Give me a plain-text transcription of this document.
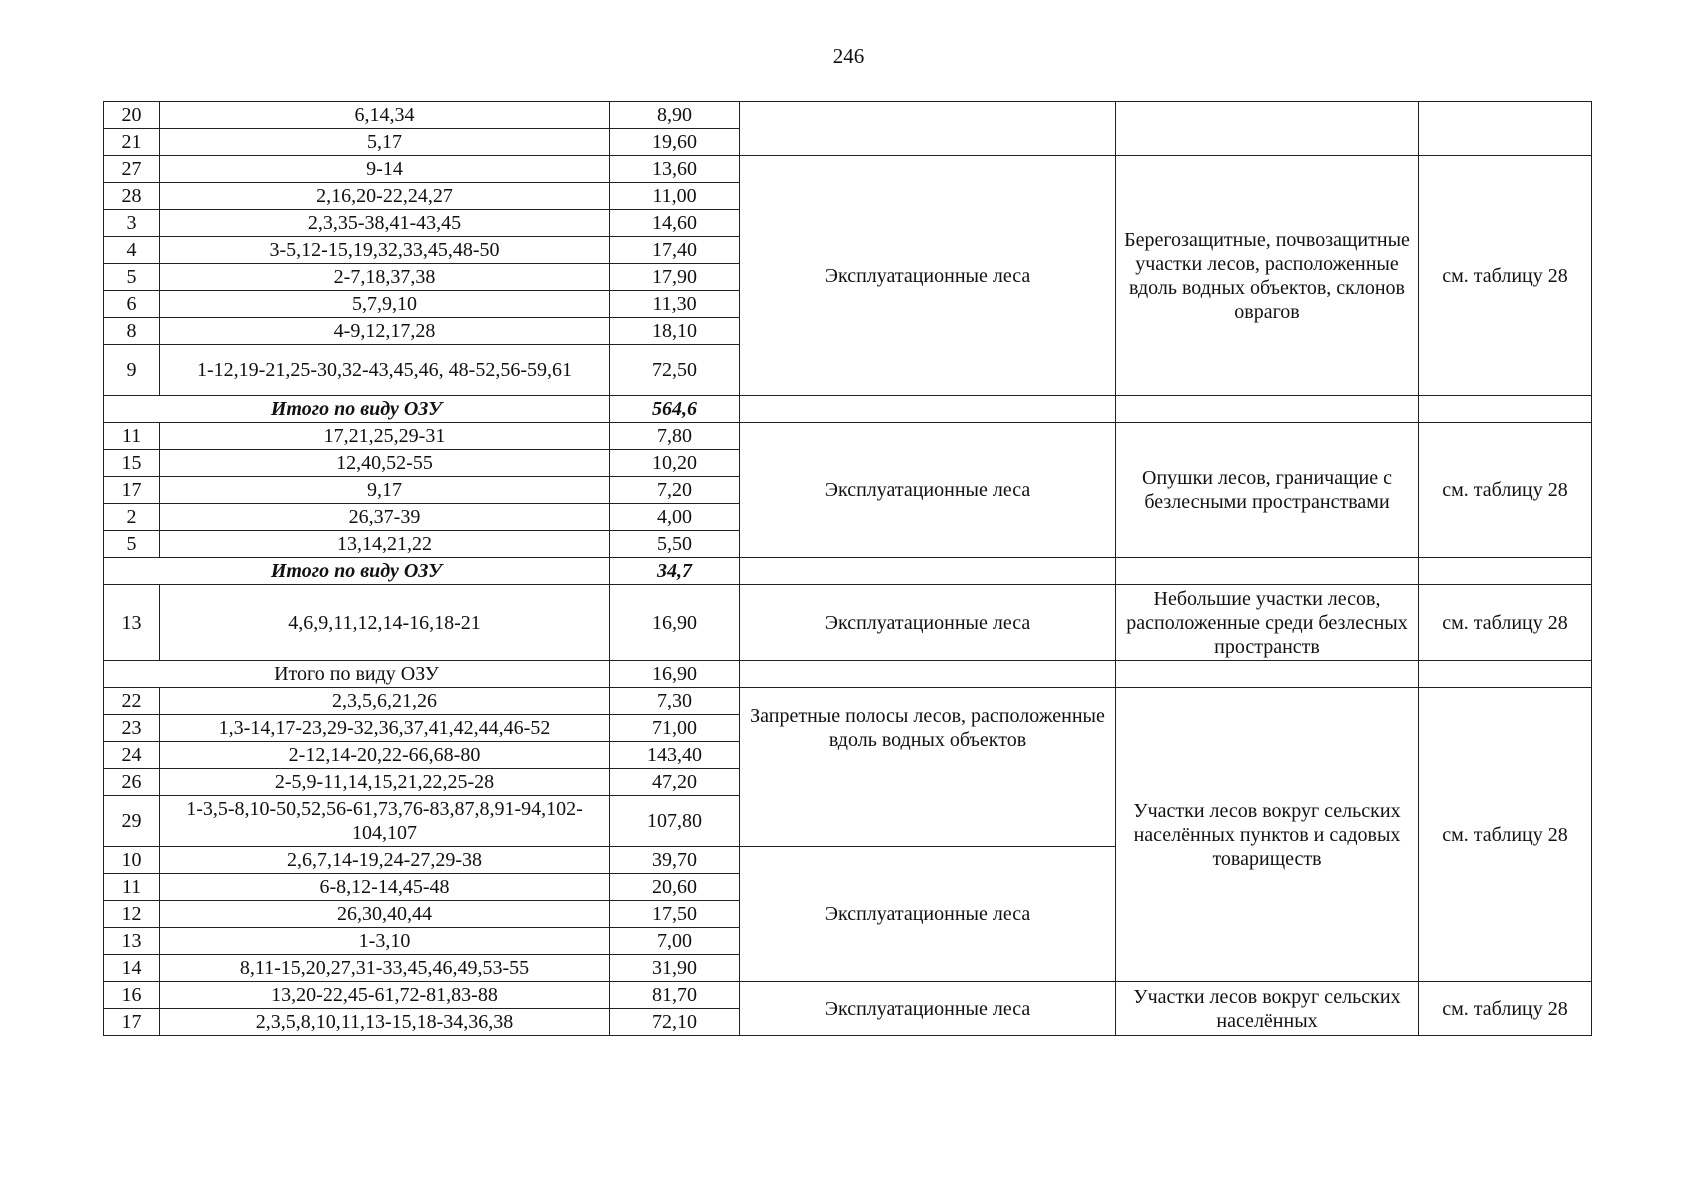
246
20	6,14,34	8,90			
21	5,17	19,60			
27	9-14	13,60	Эксплуатационные леса	Берегозащитные, почвозащитные участки лесов, расположенные вдоль водных объектов, склонов оврагов	см. таблицу 28
28	2,16,20-22,24,27	11,00			
3	2,3,35-38,41-43,45	14,60			
4	3-5,12-15,19,32,33,45,48-50	17,40			
5	2-7,18,37,38	17,90			
6	5,7,9,10	11,30			
8	4-9,12,17,28	18,10			
9	1-12,19-21,25-30,32-43,45,46, 48-52,56-59,61	72,50			
Итого по виду ОЗУ		564,6			
11	17,21,25,29-31	7,80	Эксплуатационные леса	Опушки лесов, граничащие с безлесными пространствами	см. таблицу 28
15	12,40,52-55	10,20			
17	9,17	7,20			
2	26,37-39	4,00			
5	13,14,21,22	5,50			
Итого по виду ОЗУ		34,7			
13	4,6,9,11,12,14-16,18-21	16,90	Эксплуатационные леса	Небольшие участки лесов, расположенные среди безлесных пространств	см. таблицу 28
Итого по виду ОЗУ		16,90			
22	2,3,5,6,21,26	7,30	Запретные полосы лесов, расположенные вдоль водных объектов	Участки лесов вокруг сельских населённых пунктов и садовых товариществ	см. таблицу 28
23	1,3-14,17-23,29-32,36,37,41,42,44,46-52	71,00			
24	2-12,14-20,22-66,68-80	143,40			
26	2-5,9-11,14,15,21,22,25-28	47,20			
29	1-3,5-8,10-50,52,56-61,73,76-83,87,8,91-94,102-104,107	107,80			
10	2,6,7,14-19,24-27,29-38	39,70	Эксплуатационные леса		
11	6-8,12-14,45-48	20,60			
12	26,30,40,44	17,50			
13	1-3,10	7,00			
14	8,11-15,20,27,31-33,45,46,49,53-55	31,90			
16	13,20-22,45-61,72-81,83-88	81,70	Эксплуатационные леса	Участки лесов вокруг сельских населённых	см. таблицу 28
17	2,3,5,8,10,11,13-15,18-34,36,38	72,10			
